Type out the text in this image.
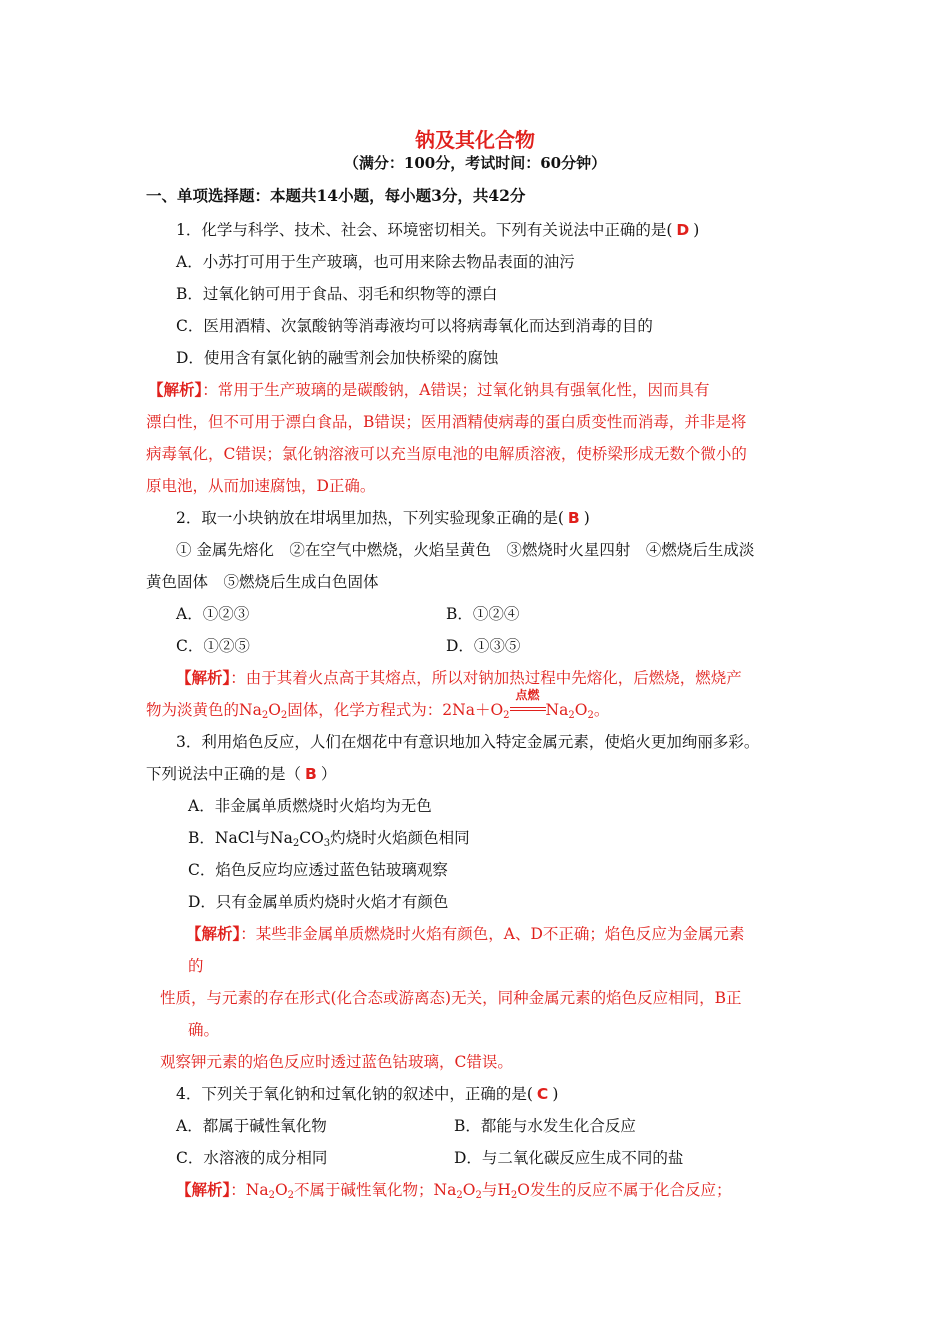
钠及其化合物
（满分：100分，考试时间：60分钟）
一、单项选择题：本题共14小题，每小题3分，共42分
1．化学与科学、技术、社会、环境密切相关。下列有关说法中正确的是( D )
A．小苏打可用于生产玻璃，也可用来除去物品表面的油污
B．过氧化钠可用于食品、羽毛和织物等的漂白
C．医用酒精、次氯酸钠等消毒液均可以将病毒氧化而达到消毒的目的
D．使用含有氯化钠的融雪剂会加快桥梁的腐蚀
【解析】：常用于生产玻璃的是碳酸钠，A错误；过氧化钠具有强氧化性，因而具有
漂白性，但不可用于漂白食品，B错误；医用酒精使病毒的蛋白质变性而消毒，并非是将
病毒氧化，C错误；氯化钠溶液可以充当原电池的电解质溶液，使桥梁形成无数个微小的
原电池，从而加速腐蚀，D正确。
2．取一小块钠放在坩埚里加热，下列实验现象正确的是( B )
① 金属先熔化　②在空气中燃烧，火焰呈黄色　③燃烧时火星四射　④燃烧后生成淡
黄色固体　⑤燃烧后生成白色固体
A．①②③	B．①②④
C．①②⑤	D．①③⑤
【解析】：由于其着火点高于其熔点，所以对钠加热过程中先熔化，后燃烧，燃烧产
物为淡黄色的$Na_2O_2$固体，化学方程式为：$2Na+O_2$
点燃
$Na_2O_2$。
3．利用焰色反应，人们在烟花中有意识地加入特定金属元素，使焰火更加绚丽多彩。
下列说法中正确的是（ B ）
A．非金属单质燃烧时火焰均为无色
B．NaCl与$Na_2CO_3$灼烧时火焰颜色相同
C．焰色反应均应透过蓝色钴玻璃观察
D．只有金属单质灼烧时火焰才有颜色
【解析】：某些非金属单质燃烧时火焰有颜色，A、D不正确；焰色反应为金属元素
的
性质，与元素的存在形式(化合态或游离态)无关，同种金属元素的焰色反应相同，B正
确。
观察钾元素的焰色反应时透过蓝色钴玻璃，C错误。
4．下列关于氧化钠和过氧化钠的叙述中，正确的是( C )
A．都属于碱性氧化物	B．都能与水发生化合反应
C．水溶液的成分相同	D．与二氧化碳反应生成不同的盐
【解析】：$Na_2O_2$不属于碱性氧化物；$Na_2O_2$与$H_2O$发生的反应不属于化合反应；
